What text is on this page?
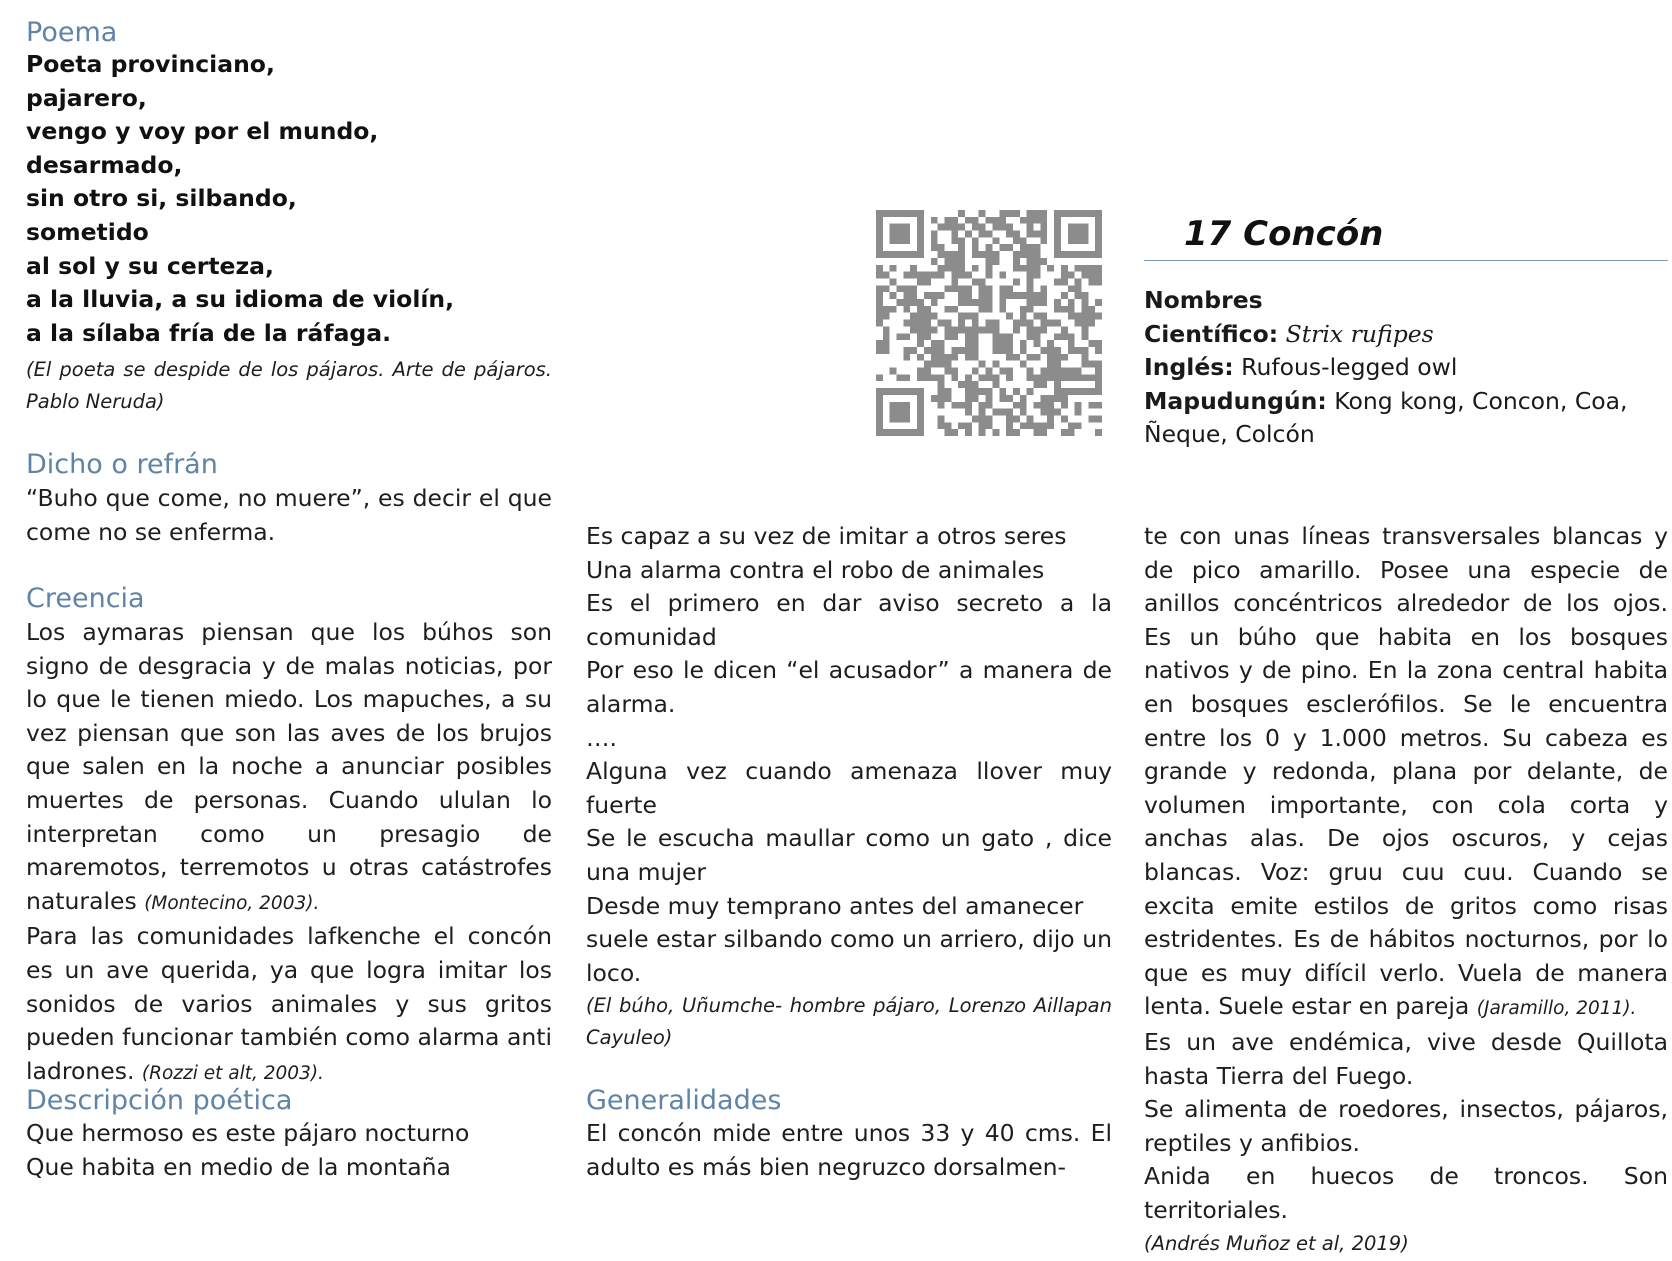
Poema
Poeta provinciano,
pajarero,
vengo y voy por el mundo,
desarmado,
sin otro si, silbando,
sometido
al sol y su certeza,
a la lluvia, a su idioma de violín,
a la sílaba fría de la ráfaga.
(El poeta se despide de los pájaros. Arte de pájaros. Pablo Neruda)
Dicho o refrán
“Buho que come, no muere”, es decir el que come no se enferma.
Creencia

Los aymaras piensan que los búhos son signo de desgracia y de malas noticias, por lo que le tienen miedo. Los mapuches, a su vez piensan que son las aves de los brujos que salen en la noche a anunciar posibles muertes de personas. Cuando ululan lo interpretan como un presagio de maremotos, terremotos u otras catástrofes naturales (Montecino, 2003).

Para las comunidades lafkenche el concón es un ave querida, ya que logra imitar los sonidos de varios animales y sus gritos pueden funcionar también como alarma anti ladrones. (Rozzi et alt, 2003).

Descripción poética
Que hermoso es este pájaro nocturno
Que habita en medio de la montaña
17 Concón
Nombres
Científico: Strix rufipes
Inglés: Rufous-legged owl
Mapudungún: Kong kong, Concon, Coa,
Ñeque, Colcón
Es capaz a su vez de imitar a otros seres
Una alarma contra el robo de animales
Es el primero en dar aviso secreto a la comunidad
Por eso le dicen “el acusador” a manera de alarma.
….
Alguna vez cuando amenaza llover muy fuerte
Se le escucha maullar como un gato , dice una mujer
Desde muy temprano antes del amanecer
suele estar silbando como un arriero, dijo un loco.
(El búho, Uñumche- hombre pájaro, Lorenzo Aillapan Cayuleo)
Generalidades
El concón mide entre unos 33 y 40 cms. El adulto es más bien negruzco dorsalmen-

te con unas líneas transversales blancas y de pico amarillo. Posee una especie de anillos concéntricos alrededor de los ojos. Es un búho que habita en los bosques nativos y de pino. En la zona central habita en bosques esclerófilos. Se le encuentra entre los 0 y 1.000 metros. Su cabeza es grande y redonda, plana por delante, de volumen importante, con cola corta y anchas alas. De ojos oscuros, y cejas blancas. Voz: gruu cuu cuu. Cuando se excita emite estilos de gritos como risas estridentes. Es de hábitos nocturnos, por lo que es muy difícil verlo. Vuela de manera lenta. Suele estar en pareja (Jaramillo, 2011).

Es un ave endémica, vive desde Quillota hasta Tierra del Fuego.

Se alimenta de roedores, insectos, pájaros, reptiles y anfibios.

Anida en huecos de troncos. Son territoriales.

(Andrés Muñoz et al, 2019)
